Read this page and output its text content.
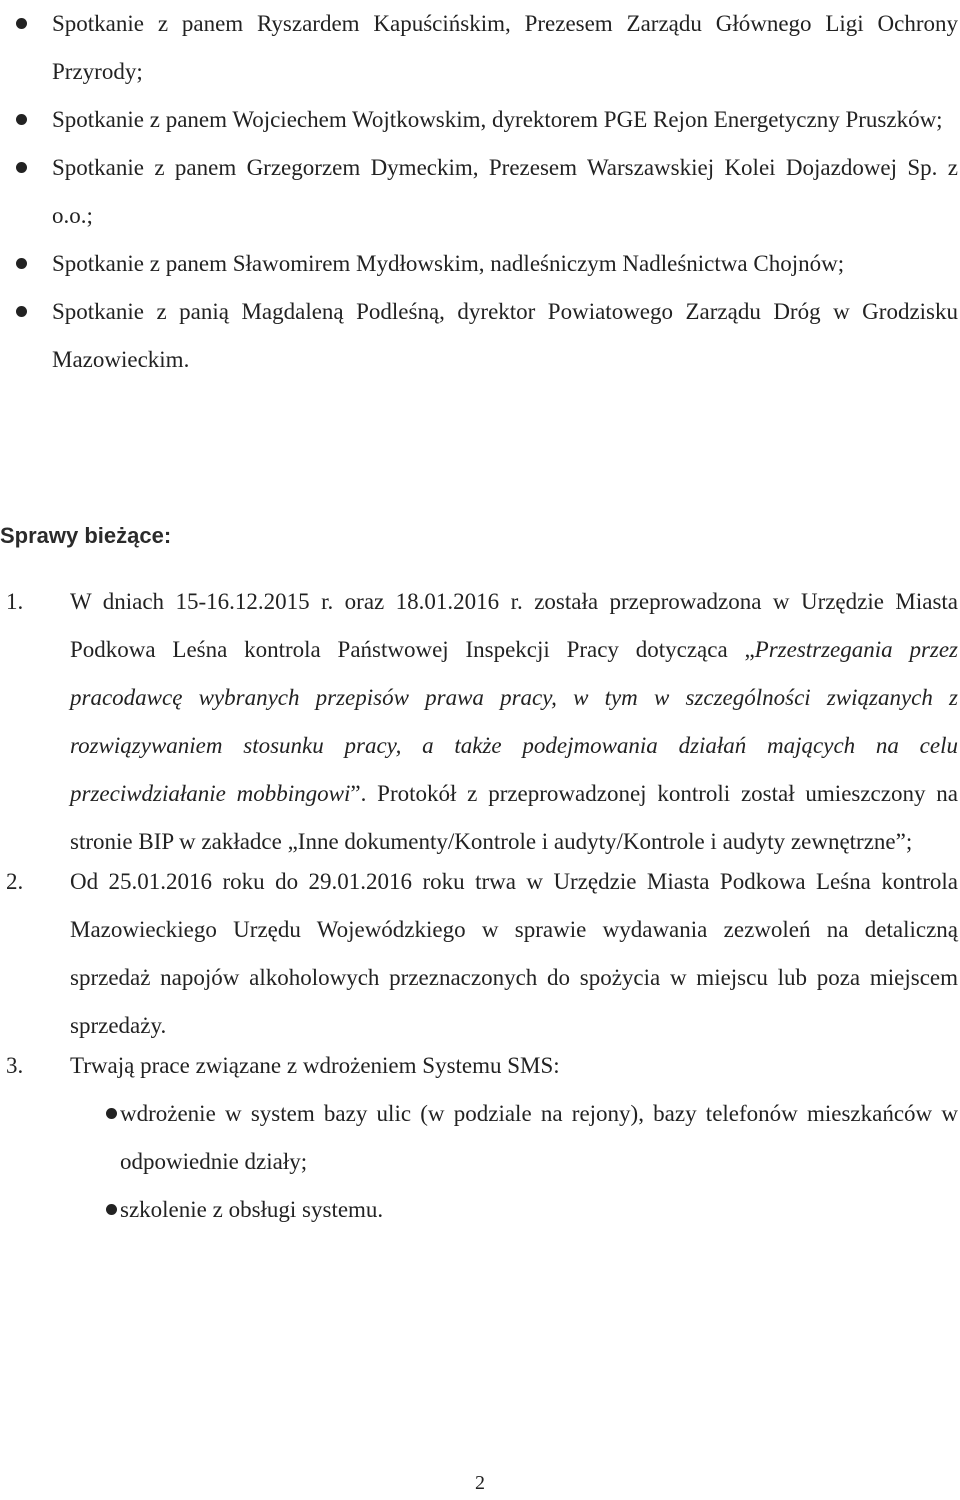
Spotkanie z panem Ryszardem Kapuścińskim, Prezesem Zarządu Głównego Ligi Ochrony Przyrody;
Spotkanie z panem Wojciechem Wojtkowskim, dyrektorem PGE Rejon Energetyczny Pruszków;
Spotkanie z panem Grzegorzem Dymeckim, Prezesem Warszawskiej Kolei Dojazdowej Sp. z o.o.;
Spotkanie z panem Sławomirem Mydłowskim, nadleśniczym Nadleśnictwa Chojnów;
Spotkanie z panią Magdaleną Podleśną, dyrektor Powiatowego Zarządu Dróg w Grodzisku Mazowieckim.
Sprawy bieżące:
1. W dniach 15-16.12.2015 r. oraz 18.01.2016 r. została przeprowadzona w Urzędzie Miasta Podkowa Leśna kontrola Państwowej Inspekcji Pracy dotycząca „Przestrzegania przez pracodawcę wybranych przepisów prawa pracy, w tym w szczególności związanych z rozwiązywaniem stosunku pracy, a także podejmowania działań mających na celu przeciwdziałanie mobbingowi”. Protokół z przeprowadzonej kontroli został umieszczony na stronie BIP w zakładce „Inne dokumenty/Kontrole i audyty/Kontrole i audyty zewnętrzne”;
2. Od 25.01.2016 roku do 29.01.2016 roku trwa w Urzędzie Miasta Podkowa Leśna kontrola Mazowieckiego Urzędu Wojewódzkiego w sprawie wydawania zezwoleń na detaliczną sprzedaż napojów alkoholowych przeznaczonych do spożycia w miejscu lub poza miejscem sprzedaży.
3. Trwają prace związane z wdrożeniem Systemu SMS:
wdrożenie w system bazy ulic (w podziale na rejony), bazy telefonów mieszkańców w odpowiednie działy;
szkolenie z obsługi systemu.
2
